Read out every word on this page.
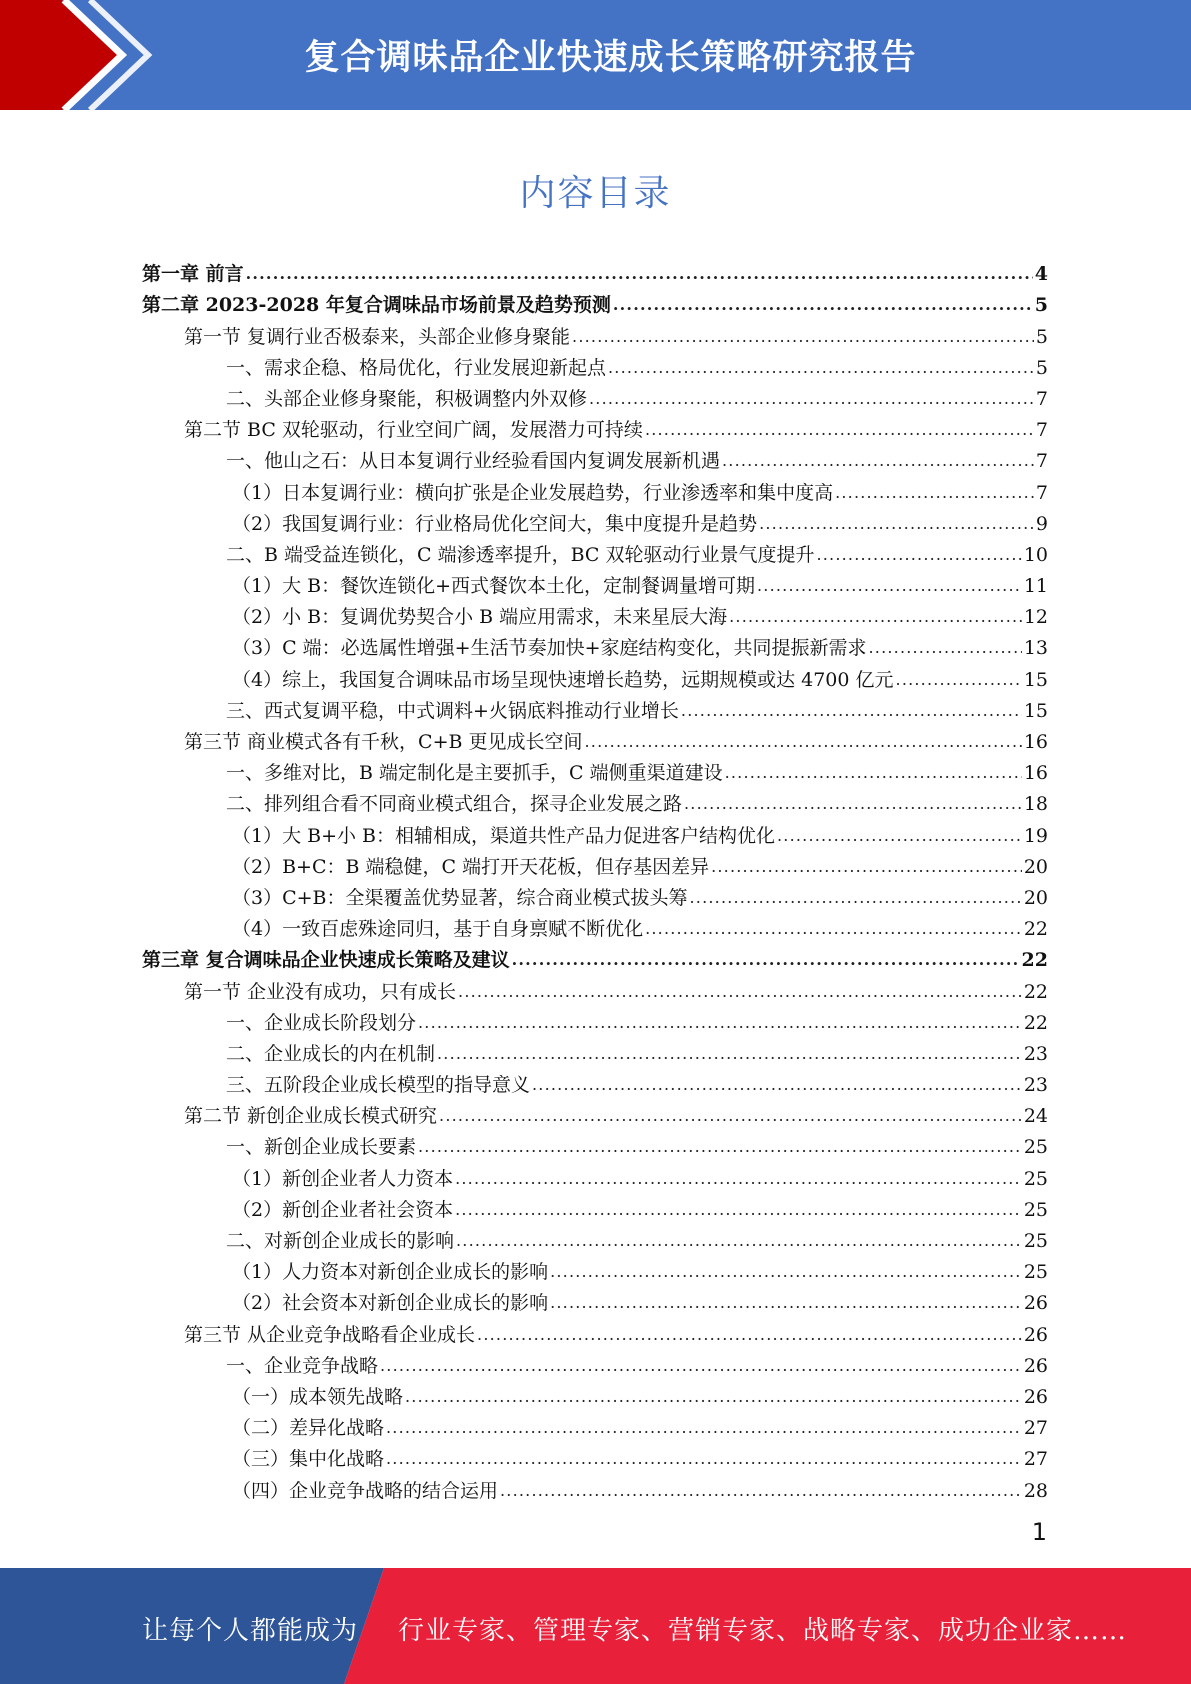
复合调味品企业快速成长策略研究报告
内容目录
第一章 前言 .....	4
第二章 2023-2028 年复合调味品市场前景及趋势预测 .....	5
第一节 复调行业否极泰来，头部企业修身聚能 .....	5
一、需求企稳、格局优化，行业发展迎新起点 .....	5
二、头部企业修身聚能，积极调整内外双修 .....	7
第二节 BC 双轮驱动，行业空间广阔，发展潜力可持续 .....	7
一、他山之石：从日本复调行业经验看国内复调发展新机遇 .....	7
（1）日本复调行业：横向扩张是企业发展趋势，行业渗透率和集中度高 .....	7
（2）我国复调行业：行业格局优化空间大，集中度提升是趋势 .....	9
二、B 端受益连锁化，C 端渗透率提升，BC 双轮驱动行业景气度提升 .....	10
（1）大 B：餐饮连锁化+西式餐饮本土化，定制餐调量增可期 .....	11
（2）小 B：复调优势契合小 B 端应用需求，未来星辰大海 .....	12
（3）C 端：必选属性增强+生活节奏加快+家庭结构变化，共同提振新需求 .....	13
（4）综上，我国复合调味品市场呈现快速增长趋势，远期规模或达 4700 亿元 .....	15
三、西式复调平稳，中式调料+火锅底料推动行业增长 .....	15
第三节 商业模式各有千秋，C+B 更见成长空间 .....	16
一、多维对比，B 端定制化是主要抓手，C 端侧重渠道建设 .....	16
二、排列组合看不同商业模式组合，探寻企业发展之路 .....	18
（1）大 B+小 B：相辅相成，渠道共性产品力促进客户结构优化 .....	19
（2）B+C：B 端稳健，C 端打开天花板，但存基因差异 .....	20
（3）C+B：全渠覆盖优势显著，综合商业模式拔头筹 .....	20
（4）一致百虑殊途同归，基于自身禀赋不断优化 .....	22
第三章 复合调味品企业快速成长策略及建议 .....	22
第一节 企业没有成功，只有成长 .....	22
一、企业成长阶段划分 .....	22
二、企业成长的内在机制 .....	23
三、五阶段企业成长模型的指导意义 .....	23
第二节 新创企业成长模式研究 .....	24
一、新创企业成长要素 .....	25
（1）新创企业者人力资本 .....	25
（2）新创企业者社会资本 .....	25
二、对新创企业成长的影响 .....	25
（1）人力资本对新创企业成长的影响 .....	25
（2）社会资本对新创企业成长的影响 .....	26
第三节 从企业竞争战略看企业成长 .....	26
一、企业竞争战略 .....	26
（一）成本领先战略 .....	26
（二）差异化战略 .....	27
（三）集中化战略 .....	27
（四）企业竞争战略的结合运用 .....	28
1
让每个人都能成为 行业专家、管理专家、营销专家、战略专家、成功企业家……
